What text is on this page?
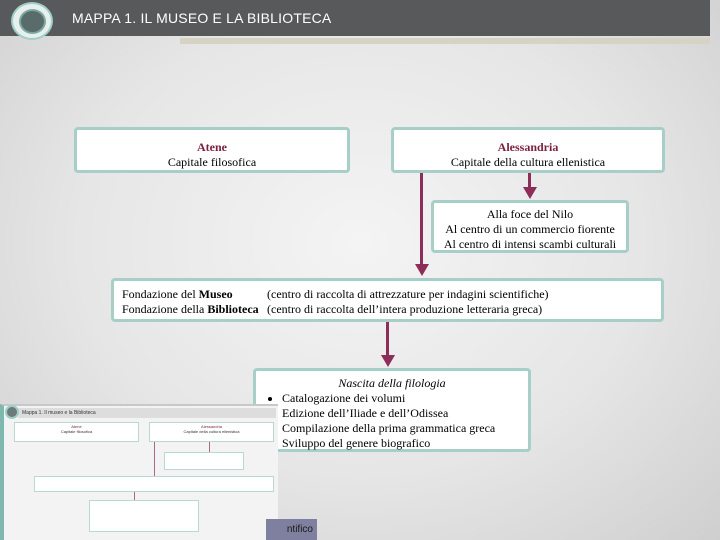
MAPPA 1. IL MUSEO E LA BIBLIOTECA
Atene
Capitale filosofica
Alessandria
Capitale della cultura ellenistica
Alla foce del Nilo
Al centro di un commercio fiorente
Al centro di intensi scambi culturali
Fondazione del Museo	(centro di raccolta di attrezzature per indagini scientifiche)
Fondazione della Biblioteca (centro di raccolta dell’intera produzione letteraria greca)
Nascita della filologia
• Catalogazione dei volumi
• Edizione dell’Iliade e dell’Odissea
• Compilazione della prima grammatica greca
• Sviluppo del genere biografico
Mappa 1. Il museo e la Biblioteca
Atene
Capitale filosofica
Alessandria
Capitale della cultura ellenistica
ntifico
